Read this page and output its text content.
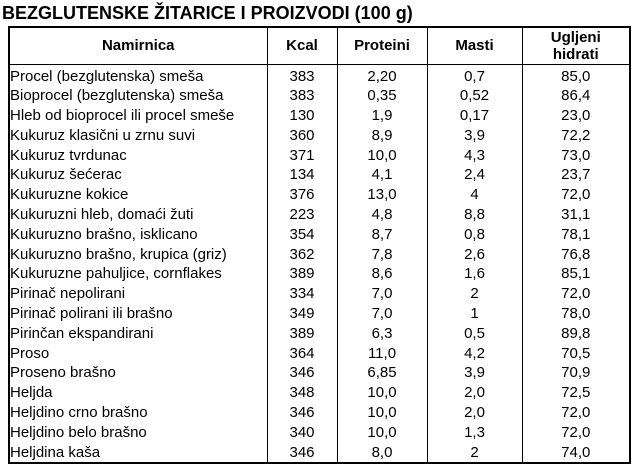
BEZGLUTENSKE ŽITARICE I PROIZVODI (100 g)
Namirnica	Kcal	Proteini	Masti	Ugljeni hidrati
Procel (bezglutenska) smeša	383	2,20	0,7	85,0
Bioprocel (bezglutenska) smeša	383	0,35	0,52	86,4
Hleb od bioprocel ili procel smeše	130	1,9	0,17	23,0
Kukuruz klasični u zrnu suvi	360	8,9	3,9	72,2
Kukuruz tvrdunac	371	10,0	4,3	73,0
Kukuruz šećerac	134	4,1	2,4	23,7
Kukuruzne kokice	376	13,0	4	72,0
Kukuruzni hleb, domaći žuti	223	4,8	8,8	31,1
Kukuruzno brašno, isklicano	354	8,7	0,8	78,1
Kukuruzno brašno, krupica (griz)	362	7,8	2,6	76,8
Kukuruzne pahuljice, cornflakes	389	8,6	1,6	85,1
Pirinač nepolirani	334	7,0	2	72,0
Pirinač polirani ili brašno	349	7,0	1	78,0
Pirinčan ekspandirani	389	6,3	0,5	89,8
Proso	364	11,0	4,2	70,5
Proseno brašno	346	6,85	3,9	70,9
Heljda	348	10,0	2,0	72,5
Heljdino crno brašno	346	10,0	2,0	72,0
Heljdino belo brašno	340	10,0	1,3	72,0
Heljdina kaša	346	8,0	2	74,0
